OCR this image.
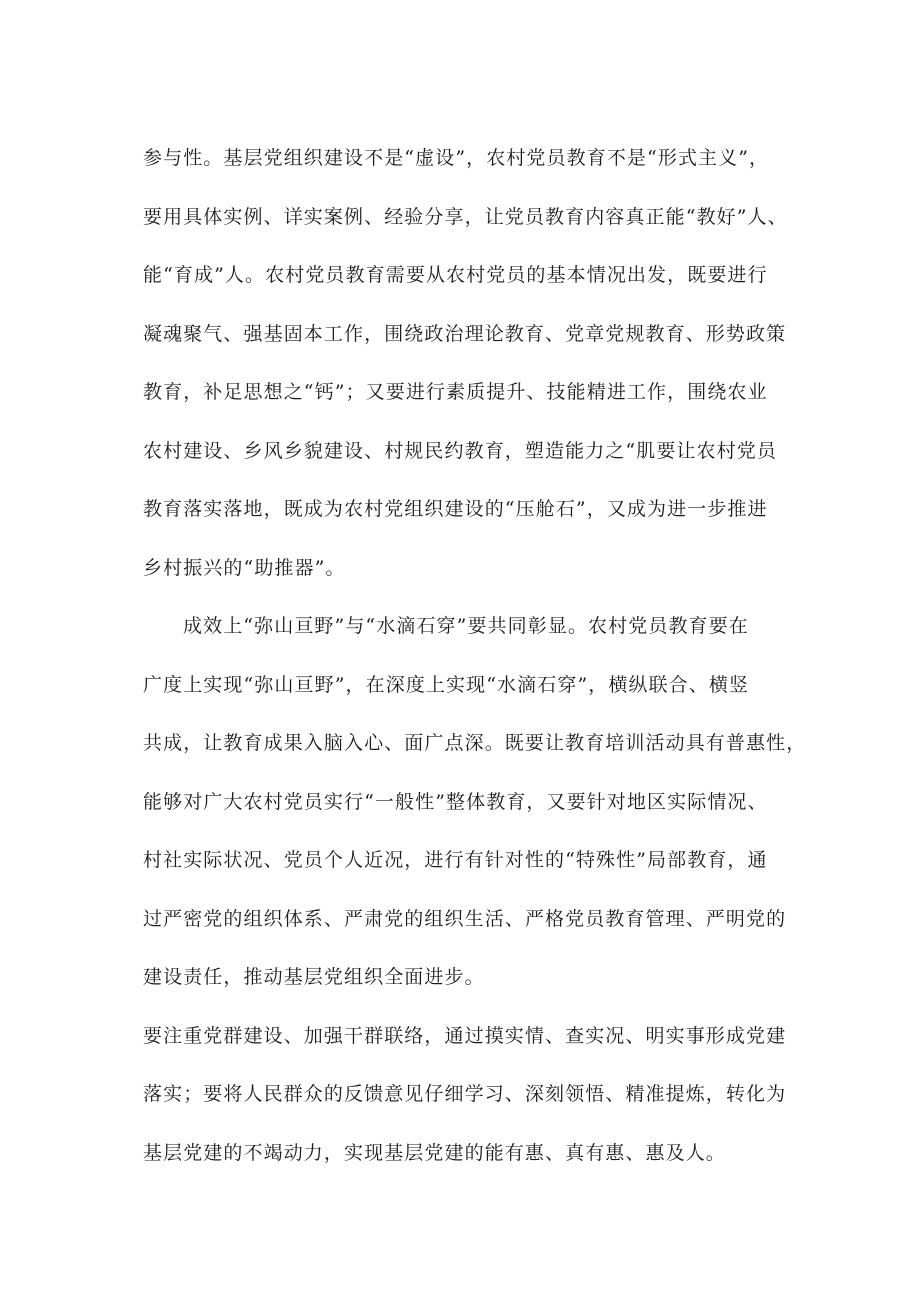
参与性。基层党组织建设不是“虚设”，农村党员教育不是“形式主义”，
要用具体实例、详实案例、经验分享，让党员教育内容真正能“教好”人、
能“育成”人。农村党员教育需要从农村党员的基本情况出发，既要进行
凝魂聚气、强基固本工作，围绕政治理论教育、党章党规教育、形势政策
教育，补足思想之“钙”；又要进行素质提升、技能精进工作，围绕农业
农村建设、乡风乡貌建设、村规民约教育，塑造能力之“肌要让农村党员
教育落实落地，既成为农村党组织建设的“压舱石”，又成为进一步推进
乡村振兴的“助推器”。
成效上“弥山亘野”与“水滴石穿”要共同彰显。农村党员教育要在
广度上实现“弥山亘野”，在深度上实现“水滴石穿”，横纵联合、横竖
共成，让教育成果入脑入心、面广点深。既要让教育培训活动具有普惠性，
能够对广大农村党员实行“一般性”整体教育，又要针对地区实际情况、
村社实际状况、党员个人近况，进行有针对性的“特殊性”局部教育，通
过严密党的组织体系、严肃党的组织生活、严格党员教育管理、严明党的
建设责任，推动基层党组织全面进步。
要注重党群建设、加强干群联络，通过摸实情、查实况、明实事形成党建
落实；要将人民群众的反馈意见仔细学习、深刻领悟、精准提炼，转化为
基层党建的不竭动力，实现基层党建的能有惠、真有惠、惠及人。
